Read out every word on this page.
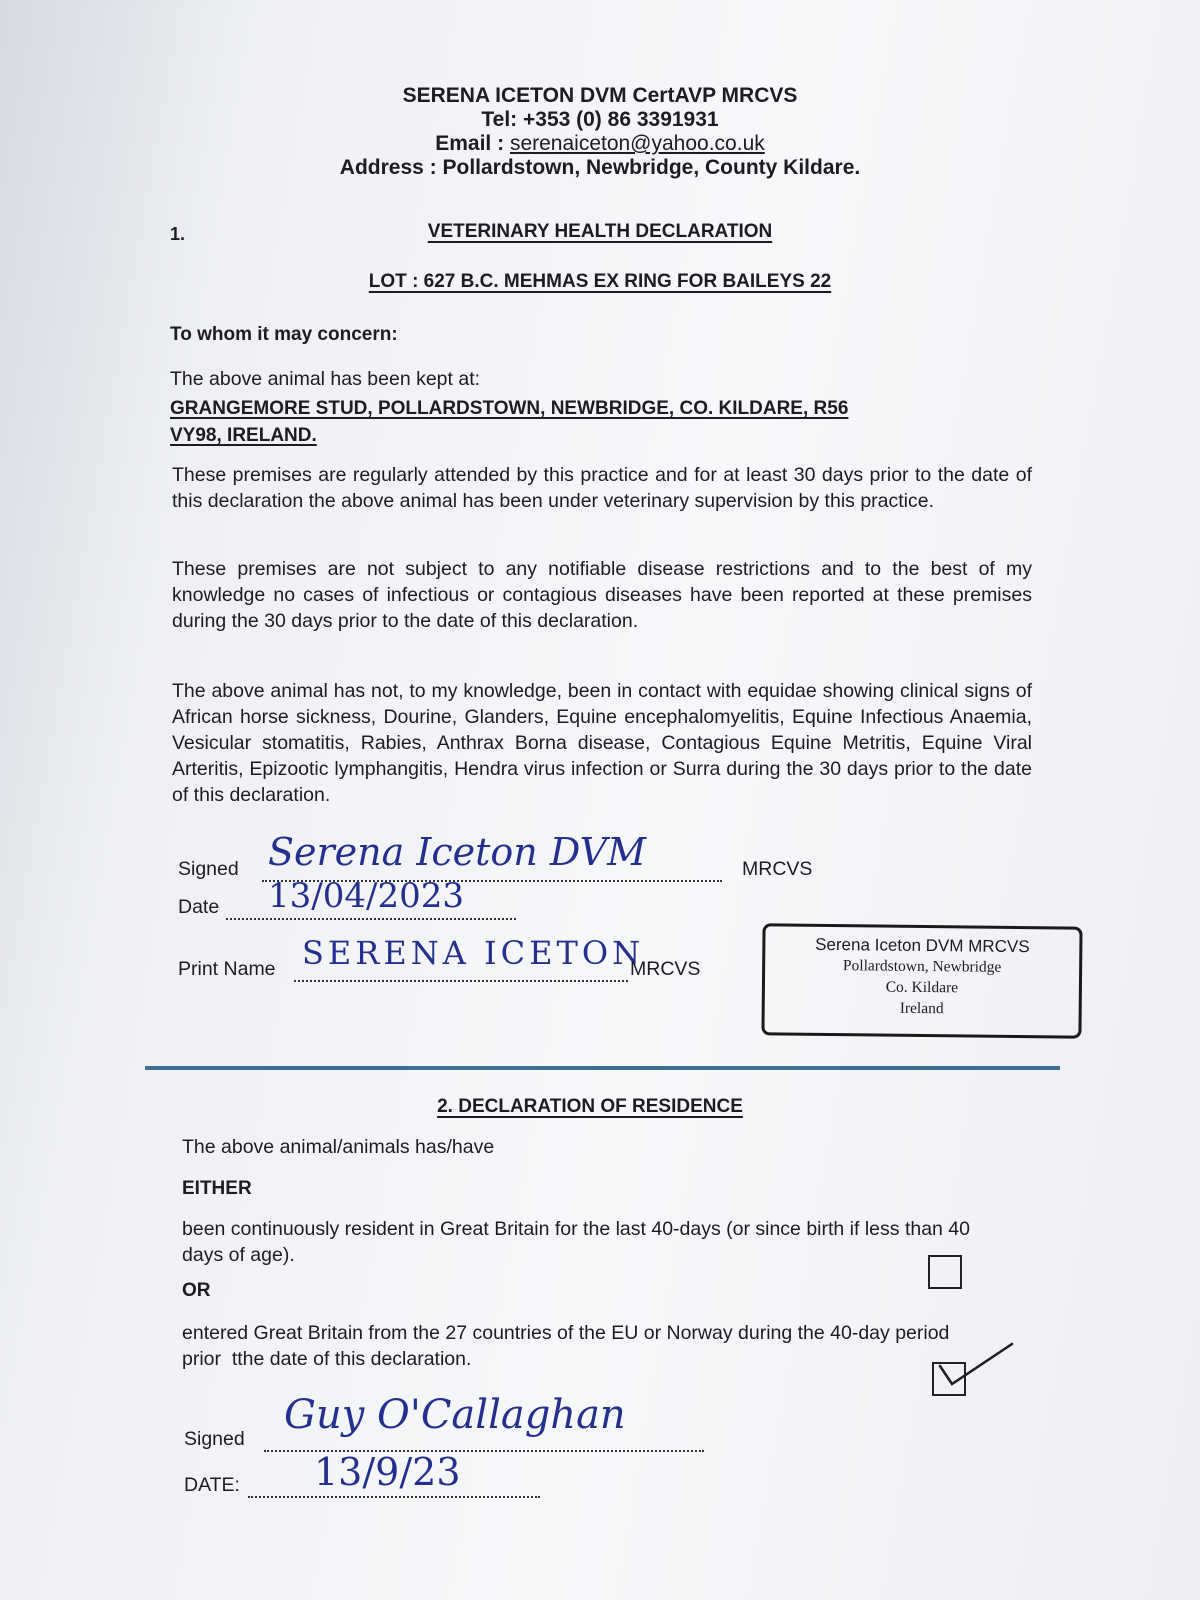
SERENA ICETON DVM CertAVP MRCVS
Tel: +353 (0) 86 3391931
Email : serenaiceton@yahoo.co.uk
Address : Pollardstown, Newbridge, County Kildare.
1.	VETERINARY HEALTH DECLARATION
LOT : 627 B.C. MEHMAS EX RING FOR BAILEYS 22
To whom it may concern:
The above animal has been kept at:
GRANGEMORE STUD, POLLARDSTOWN, NEWBRIDGE, CO. KILDARE, R56
VY98, IRELAND.

These premises are regularly attended by this practice and for at least 30 days prior to the date of this declaration the above animal has been under veterinary supervision by this practice.

These premises are not subject to any notifiable disease restrictions and to the best of my knowledge no cases of infectious or contagious diseases have been reported at these premises during the 30 days prior to the date of this declaration.

The above animal has not, to my knowledge, been in contact with equidae showing clinical signs of African horse sickness, Dourine, Glanders, Equine encephalomyelitis, Equine Infectious Anaemia, Vesicular stomatitis, Rabies, Anthrax Borna disease, Contagious Equine Metritis, Equine Viral Arteritis, Epizootic lymphangitis, Hendra virus infection or Surra during the 30 days prior to the date of this declaration.

Signed Serena Iceton DVM	MRCVS
Date 13/04/2023
Print Name SERENA ICETON
MRCVS
Serena Iceton DVM MRCVS
Pollardstown, Newbridge
Co. Kildare
Ireland
2. DECLARATION OF RESIDENCE
The above animal/animals has/have
EITHER

been continuously resident in Great Britain for the last 40-days (or since birth if less than 40 days of age).

OR

entered Great Britain from the 27 countries of the EU or Norway during the 40-day period prior  tthe date of this declaration.

Signed
Guy O'Callaghan
DATE: 13/9/23
